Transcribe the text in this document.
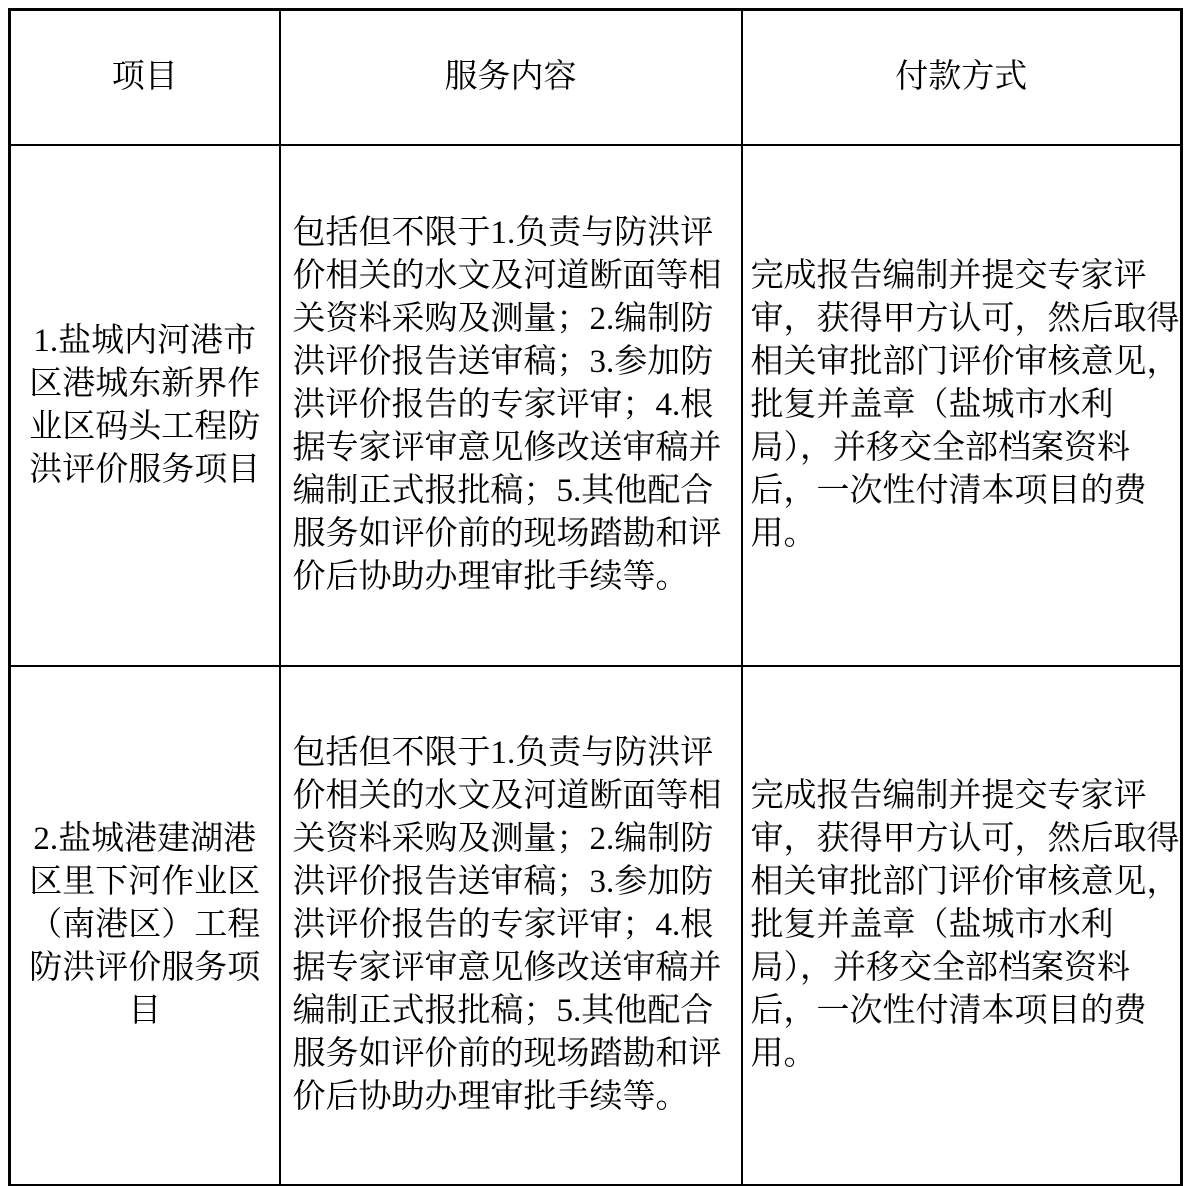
项目	服务内容	付款方式
1.盐城内河港市区港城东新界作业区码头工程防洪评价服务项目	包括但不限于1.负责与防洪评价相关的水文及河道断面等相关资料采购及测量；2.编制防洪评价报告送审稿；3.参加防洪评价报告的专家评审；4.根据专家评审意见修改送审稿并编制正式报批稿；5.其他配合服务如评价前的现场踏勘和评价后协助办理审批手续等。	完成报告编制并提交专家评审，获得甲方认可，然后取得相关审批部门评价审核意见，批复并盖章（盐城市水利局），并移交全部档案资料后，一次性付清本项目的费用。
2.盐城港建湖港区里下河作业区（南港区）工程防洪评价服务项目	包括但不限于1.负责与防洪评价相关的水文及河道断面等相关资料采购及测量；2.编制防洪评价报告送审稿；3.参加防洪评价报告的专家评审；4.根据专家评审意见修改送审稿并编制正式报批稿；5.其他配合服务如评价前的现场踏勘和评价后协助办理审批手续等。	完成报告编制并提交专家评审，获得甲方认可，然后取得相关审批部门评价审核意见，批复并盖章（盐城市水利局），并移交全部档案资料后，一次性付清本项目的费用。
